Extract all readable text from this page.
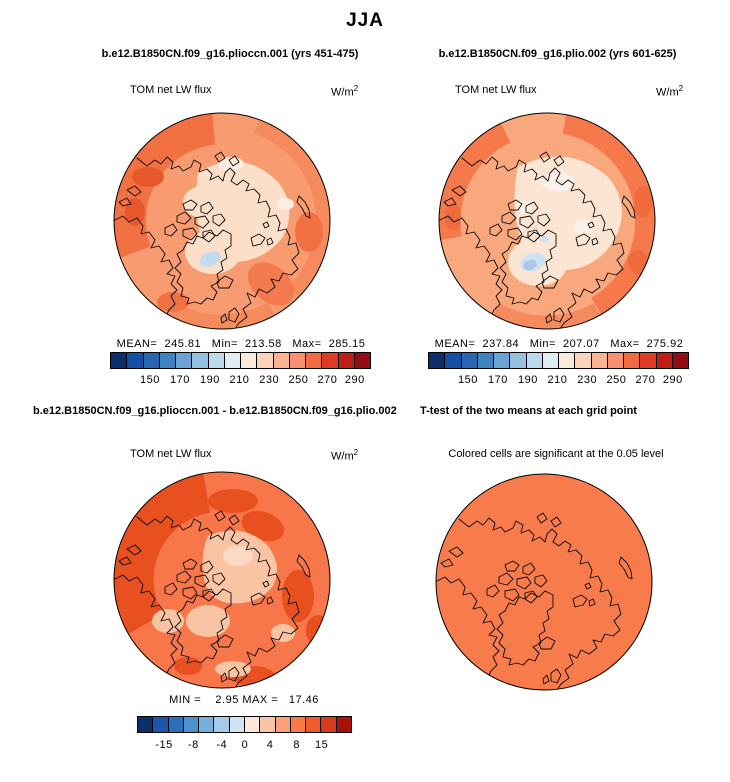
JJA
b.e12.B1850CN.f09_g16.plioccn.001 (yrs 451-475)	b.e12.B1850CN.f09_g16.plio.002 (yrs 601-625)
TOM net LW flux	$W/m^2$	TOM net LW flux	$W/m^2$
MEAN=  245.81   Min=  213.58   Max=  285.15	MEAN=  237.84   Min=  207.07   Max=  275.92
150 170 190 210 230 250 270 290	150 170 190 210 230 250 270 290
b.e12.B1850CN.f09_g16.plioccn.001 - b.e12.B1850CN.f09_g16.plio.002 T-test of the two means at each grid point
TOM net LW flux	$W/m^2$	Colored cells are significant at the 0.05 level
MIN =    2.95 MAX =   17.46
-15 -8 -4 0 4 8 15
